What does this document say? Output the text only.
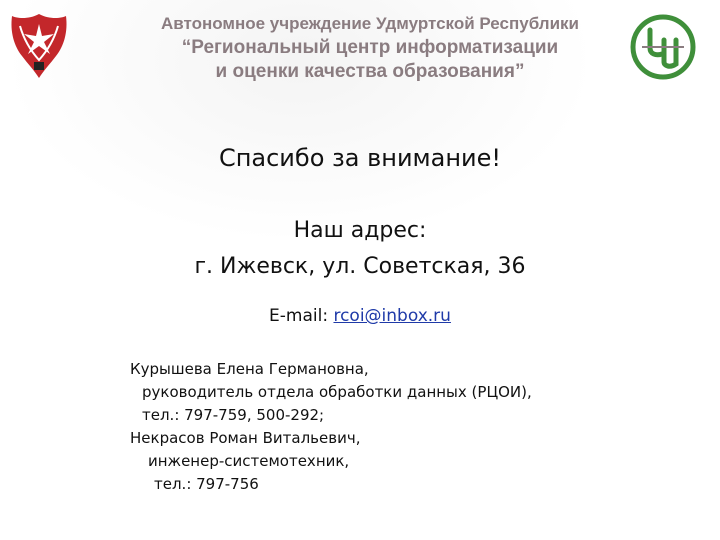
Автономное учреждение Удмуртской Республики
“Региональный центр информатизации
и оценки качества образования”
Спасибо за внимание!
Наш адрес:
г. Ижевск, ул. Советская, 36
E-mail: rcoi@inbox.ru
Курышева Елена Германовна,
руководитель отдела обработки данных (РЦОИ),
тел.: 797-759, 500-292;
Некрасов Роман Витальевич,
инженер-системотехник,
тел.: 797-756
